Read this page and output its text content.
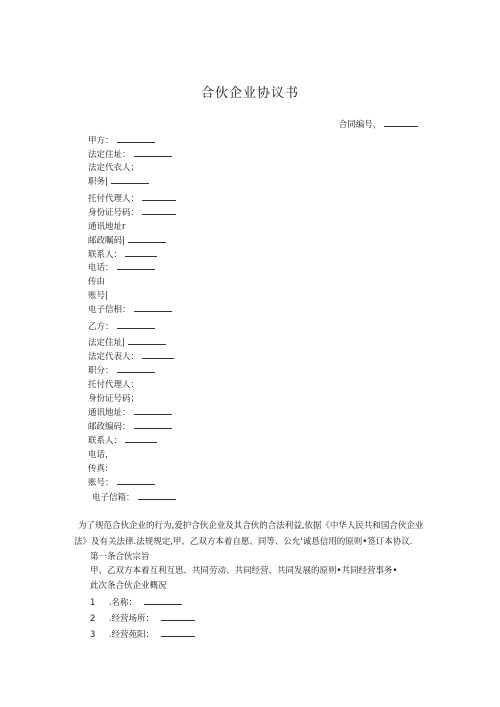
合伙企业协议书
合同编号，
甲方：
法定住址：
法定代衣人；
职务|
托付代理人：
身份证号码：
通讯地址r
邮政瞩码|
联系人：
电话：
传由
账号|
电子信相：
乙方：
法定住址|
法定代表人：
职分：
托付代理人：
身份证号码；
通讯地址：
邮政编码：
联系人：
电话，
传真:
账号：
电子信箱：
为了规范合伙企业的行为,爱护合伙企业及其合伙的合法利益,依据《中华人民共和国合伙企业
法》及有关法律.法规规定,甲、乙双方本着自愿、同等、公允'诚恳信用的原则•签订本协议.
第一条合伙宗旨
甲、乙双方本着互利互思、共同劳动、共同经营、共同发展的原则•共同经营事务•
此次条合伙企业概况
1 .名称：
2 .经营场所：
3 .经营苑阳：
